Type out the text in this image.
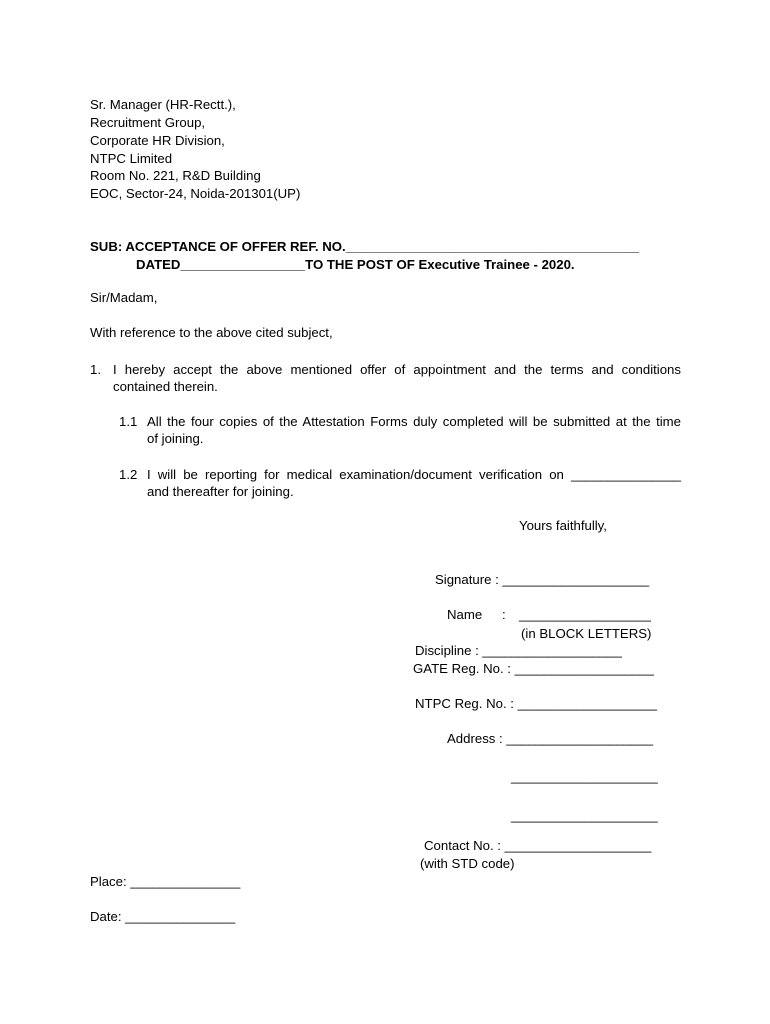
Sr. Manager (HR-Rectt.),
Recruitment Group,
Corporate HR Division,
NTPC Limited
Room No. 221, R&D Building
EOC, Sector-24, Noida-201301(UP)
SUB: ACCEPTANCE OF OFFER REF. NO.________________________________________
DATED_________________TO THE POST OF Executive Trainee - 2020.
Sir/Madam,
With reference to the above cited subject,
1. I hereby accept the above mentioned offer of appointment and the terms and conditions
contained therein.
1.1 All the four copies of the Attestation Forms duly completed will be submitted at the time
of joining.
1.2 I will be reporting for medical examination/document verification on _______________
and thereafter for joining.
Yours faithfully,
Signature : ____________________
Name : __________________
(in BLOCK LETTERS)
Discipline : ___________________
GATE Reg. No. : ___________________
NTPC Reg. No. : ___________________
Address : ____________________
____________________
____________________
Contact No. : ____________________
(with STD code)
Place: _______________
Date: _______________
